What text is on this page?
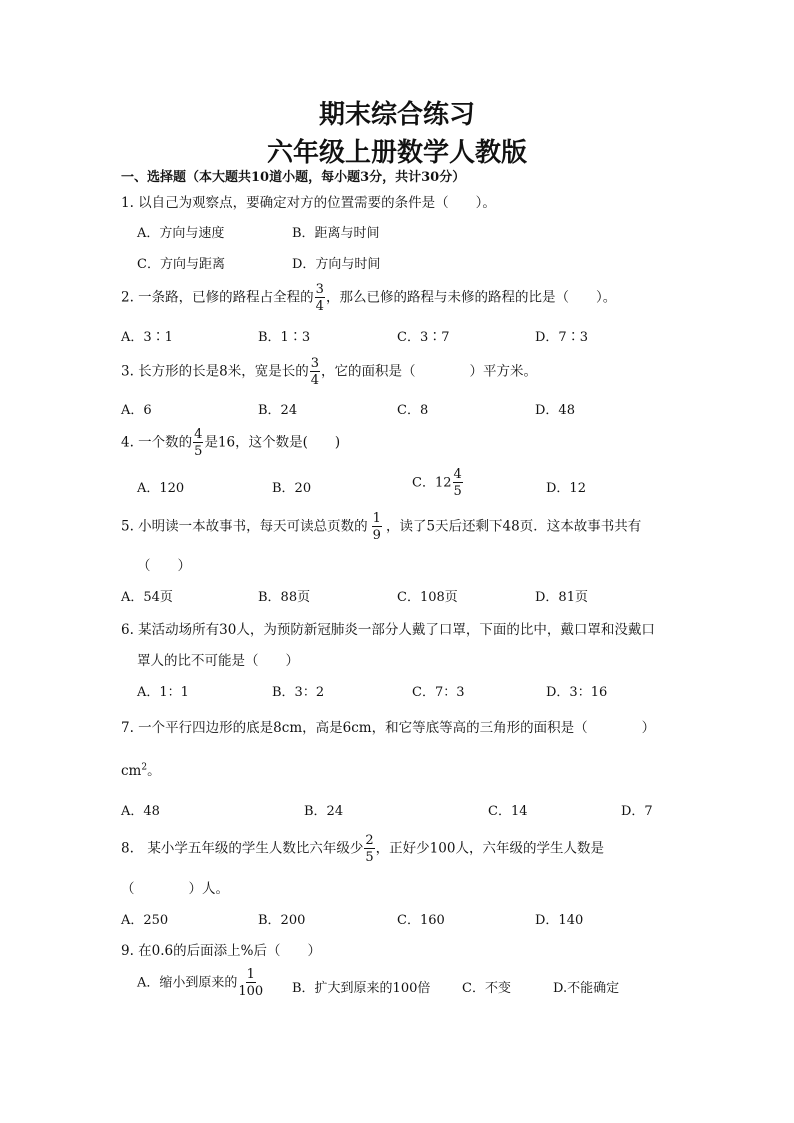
期末综合练习
六年级上册数学人教版
一、选择题（本大题共10道小题，每小题3分，共计30分）
1. 以自己为观察点，要确定对方的位置需要的条件是（　　）。
A．方向与速度	B．距离与时间
C．方向与距离	D．方向与时间
2. 一条路，已修的路程占全程的 $\frac{3}{4}$ ，那么已修的路程与未修的路程的比是（　　）。
A．3∶1	B．1∶3	C．3∶7	D．7∶3
3. 长方形的长是8米，宽是长的 $\frac{3}{4}$ ，它的面积是（　　　　）平方米。
A．6	B．24	C．8	D．48
4. 一个数的 $\frac{4}{5}$ 是16，这个数是(　　)
A．120	B．20	C．$12 \frac{4}{5}$	D．12
5. 小明读一本故事书，每天可读总页数的 $\frac{1}{9}$ ，读了5天后还剩下48页．这本故事书共有
（　　）
A．54页	B．88页	C．108页	D．81页
6. 某活动场所有30人，为预防新冠肺炎一部分人戴了口罩，下面的比中，戴口罩和没戴口
罩人的比不可能是（　　）
A．1：1	B．3：2	C．7：3	D．3：16
7. 一个平行四边形的底是8cm，高是6cm，和它等底等高的三角形的面积是（　　　　）
$cm^2$。
A．48	B．24	C．14	D．7
8.　某小学五年级的学生人数比六年级少 $\frac{2}{5}$ ，正好少100人，六年级的学生人数是
（　　　　）人。
A．250	B．200	C．160	D．140
9. 在0.6的后面添上%后（　　）
A．缩小到原来的 $\frac{1}{100}$ B．扩大到原来的100倍 C．不变	D.不能确定
